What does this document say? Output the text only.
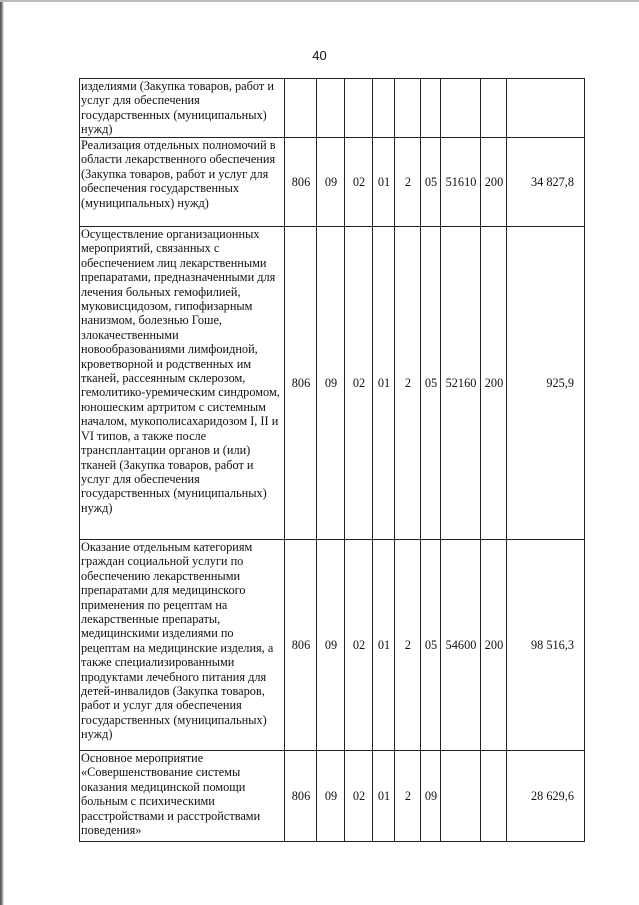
40
изделиями (Закупка товаров, работ и услуг для обеспечения государственных (муниципальных) нужд)									
Реализация отдельных полномочий в области лекарственного обеспечения (Закупка товаров, работ и услуг для обеспечения государственных (муниципальных) нужд)	806	09	02	01	2	05	51610	200	34 827,8
Осуществление организационных мероприятий, связанных с обеспечением лиц лекарственными препаратами, предназначенными для лечения больных гемофилией, муковисцидозом, гипофизарным нанизмом, болезнью Гоше, злокачественными новообразованиями лимфоидной, кроветворной и родственных им тканей, рассеянным склерозом, гемолитико-уремическим синдромом, юношеским артритом с системным началом, мукополисахаридозом I, II и VI типов, а также после трансплантации органов и (или) тканей (Закупка товаров, работ и услуг для обеспечения государственных (муниципальных) нужд)	806	09	02	01	2	05	52160	200	925,9
Оказание отдельным категориям граждан социальной услуги по обеспечению лекарственными препаратами для медицинского применения по рецептам на лекарственные препараты, медицинскими изделиями по рецептам на медицинские изделия, а также специализированными продуктами лечебного питания для детей-инвалидов (Закупка товаров, работ и услуг для обеспечения государственных (муниципальных) нужд)	806	09	02	01	2	05	54600	200	98 516,3
Основное мероприятие «Совершенствование системы оказания медицинской помощи больным с психическими расстройствами и расстройствами поведения»	806	09	02	01	2	09			28 629,6
